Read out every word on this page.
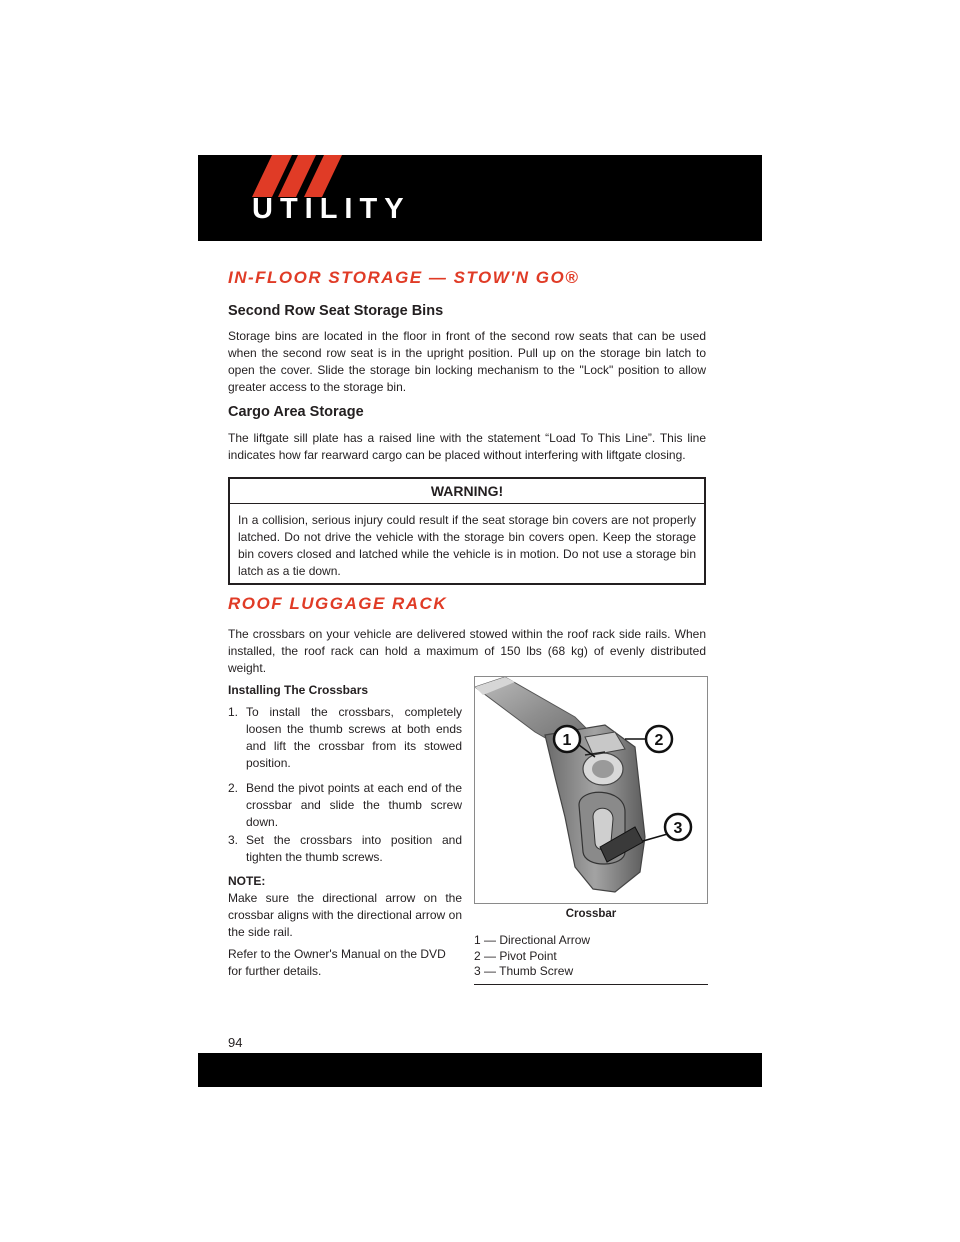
UTILITY
IN-FLOOR STORAGE — STOW'N GO®
Second Row Seat Storage Bins

Storage bins are located in the floor in front of the second row seats that can be used when the second row seat is in the upright position. Pull up on the storage bin latch to open the cover. Slide the storage bin locking mechanism to the "Lock" position to allow greater access to the storage bin.

Cargo Area Storage

The liftgate sill plate has a raised line with the statement “Load To This Line”. This line indicates how far rearward cargo can be placed without interfering with liftgate closing.

WARNING!
In a collision, serious injury could result if the seat storage bin covers are not properly latched. Do not drive the vehicle with the storage bin covers open. Keep the storage bin covers closed and latched while the vehicle is in motion. Do not use a storage bin latch as a tie down.
ROOF LUGGAGE RACK

The crossbars on your vehicle are delivered stowed within the roof rack side rails. When installed, the roof rack can hold a maximum of 150 lbs (68 kg) of evenly distributed weight.

Installing The Crossbars
1. To install the crossbars, completely loosen the thumb screws at both ends and lift the crossbar from its stowed position.
2. Bend the pivot points at each end of the crossbar and slide the thumb screw down.
3. Set the crossbars into position and tighten the thumb screws.
NOTE:
Make sure the directional arrow on the crossbar aligns with the directional arrow on the side rail.
Refer to the Owner's Manual on the DVD for further details.
1	2
3
Crossbar
1 — Directional Arrow
2 — Pivot Point
3 — Thumb Screw
94
